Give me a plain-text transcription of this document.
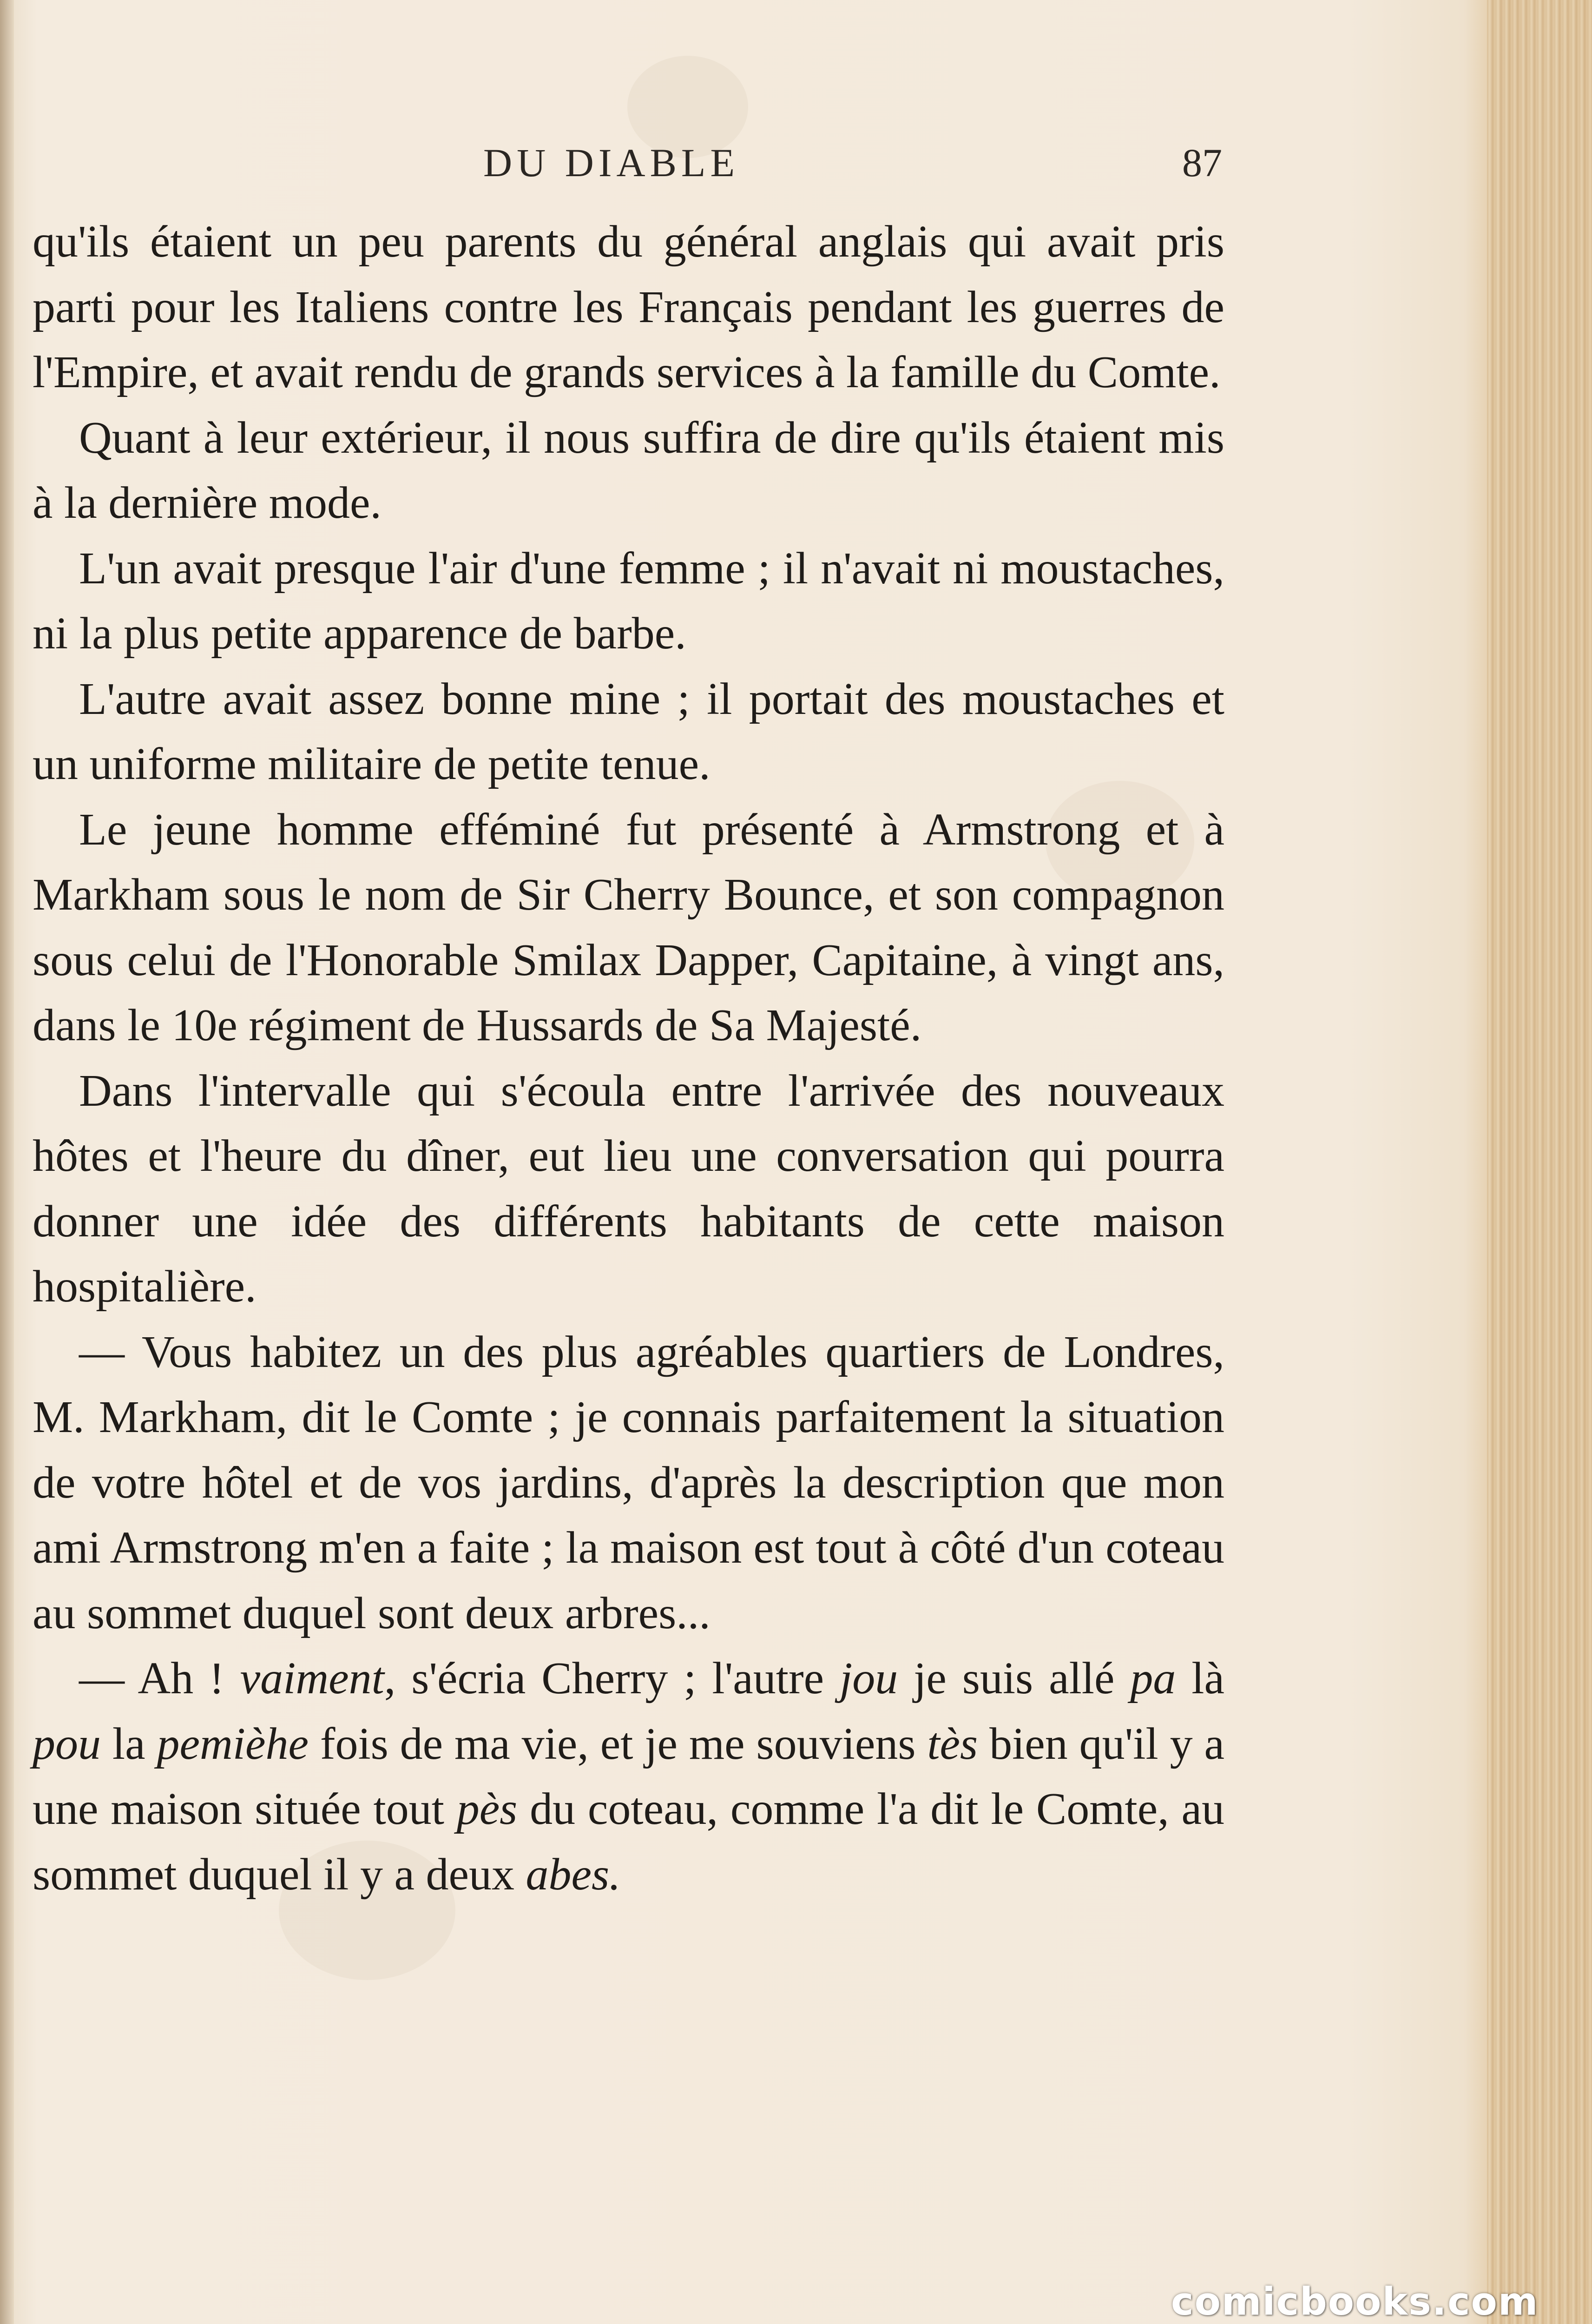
DU DIABLE	87

qu'ils étaient un peu parents du général anglais qui avait pris parti pour les Italiens contre les Français pendant les guerres de l'Empire, et avait rendu de grands services à la famille du Comte.

Quant à leur extérieur, il nous suffira de dire qu'ils étaient mis à la dernière mode.

L'un avait presque l'air d'une femme ; il n'avait ni moustaches, ni la plus petite apparence de barbe.

L'autre avait assez bonne mine ; il portait des moustaches et un uniforme militaire de petite tenue.

Le jeune homme efféminé fut présenté à Armstrong et à Markham sous le nom de Sir Cherry Bounce, et son compagnon sous celui de l'Honorable Smilax Dapper, Capitaine, à vingt ans, dans le 10e régiment de Hussards de Sa Majesté.

Dans l'intervalle qui s'écoula entre l'arrivée des nouveaux hôtes et l'heure du dîner, eut lieu une conversation qui pourra donner une idée des différents habitants de cette maison hospitalière.

— Vous habitez un des plus agréables quartiers de Londres, M. Markham, dit le Comte ; je connais parfaitement la situation de votre hôtel et de vos jardins, d'après la description que mon ami Armstrong m'en a faite ; la maison est tout à côté d'un coteau au sommet duquel sont deux arbres...

— Ah ! vaiment, s'écria Cherry ; l'autre jou je suis allé pa là pou la pemièhe fois de ma vie, et je me souviens tès bien qu'il y a une maison située tout pès du coteau, comme l'a dit le Comte, au sommet duquel il y a deux abes.

comicbooks.com
